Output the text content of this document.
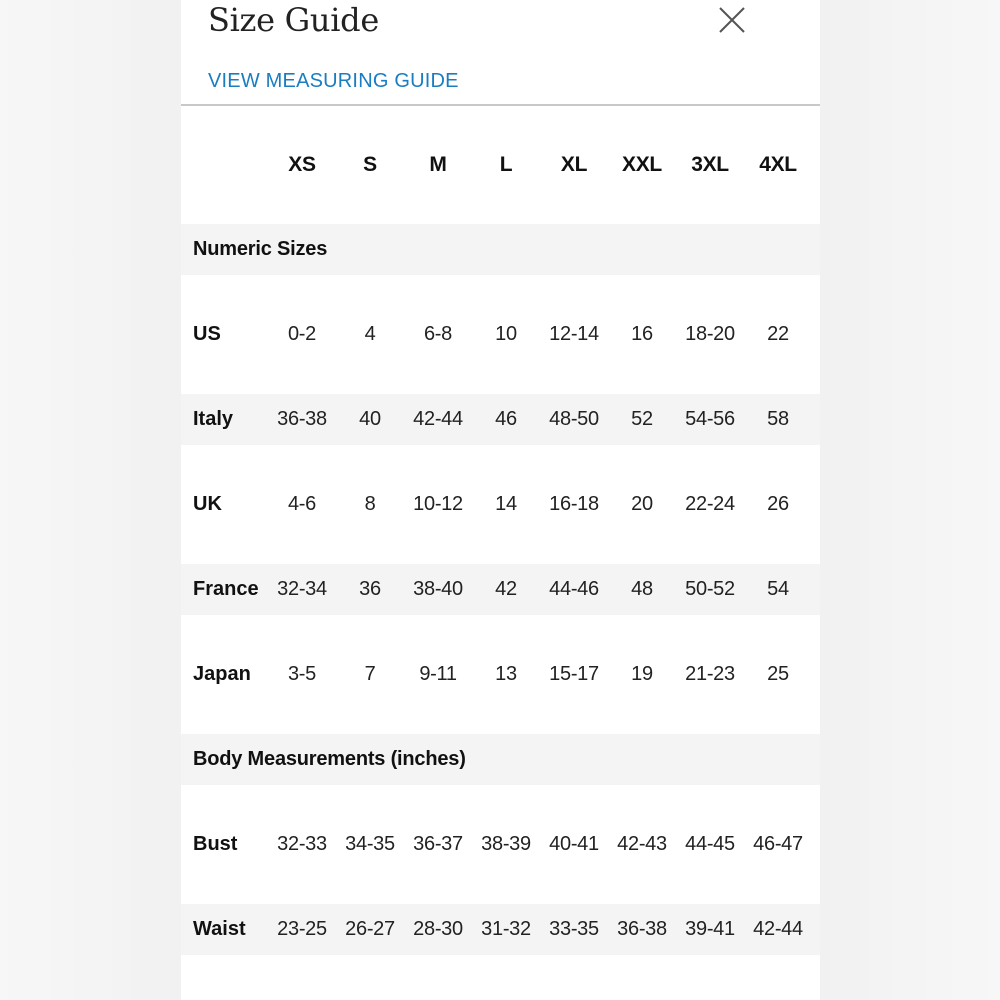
Size Guide
VIEW MEASURING GUIDE
XS	S	M	L	XL	XXL	3XL	4XL
Numeric Sizes
US	0-2	4	6-8	10	12-14	16	18-20	22
Italy	36-38	40	42-44	46	48-50	52	54-56	58
UK	4-6	8	10-12	14	16-18	20	22-24	26
France 32-34	36	38-40	42	44-46	48	50-52	54
Japan	3-5	7	9-11	13	15-17	19	21-23	25
Body Measurements (inches)
Bust	32-33 34-35 36-37 38-39 40-41 42-43 44-45 46-47
Waist	23-25 26-27 28-30 31-32 33-35 36-38 39-41 42-44
